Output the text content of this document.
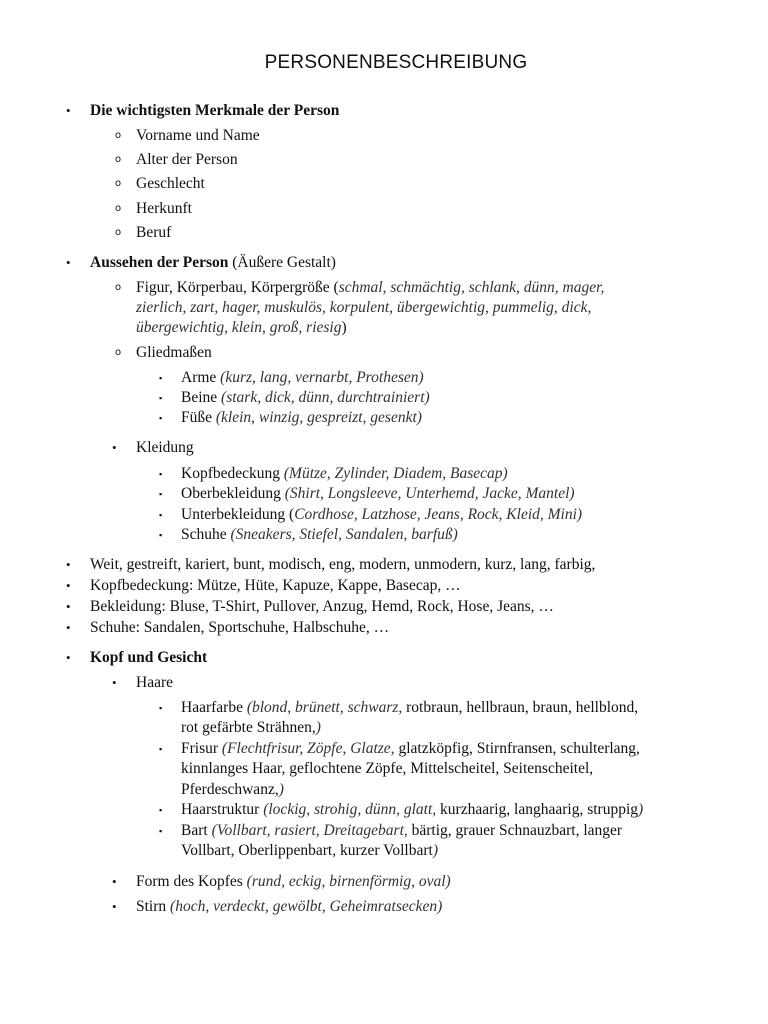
PERSONENBESCHREIBUNG
• Die wichtigsten Merkmale der Person
o Vorname und Name
o Alter der Person
o Geschlecht
o Herkunft
o Beruf
• Aussehen der Person (Äußere Gestalt)
o Figur, Körperbau, Körpergröße (schmal, schmächtig, schlank, dünn, mager,
zierlich, zart, hager, muskulös, korpulent, übergewichtig, pummelig, dick,
übergewichtig, klein, groß, riesig)
o Gliedmaßen
▪ Arme (kurz, lang, vernarbt, Prothesen)
▪ Beine (stark, dick, dünn, durchtrainiert)
▪ Füße (klein, winzig, gespreizt, gesenkt)
• Kleidung
▪ Kopfbedeckung (Mütze, Zylinder, Diadem, Basecap)
▪ Oberbekleidung (Shirt, Longsleeve, Unterhemd, Jacke, Mantel)
▪ Unterbekleidung (Cordhose, Latzhose, Jeans, Rock, Kleid, Mini)
▪ Schuhe (Sneakers, Stiefel, Sandalen, barfuß)
• Weit, gestreift, kariert, bunt, modisch, eng, modern, unmodern, kurz, lang, farbig,
• Kopfbedeckung: Mütze, Hüte, Kapuze, Kappe, Basecap, …
• Bekleidung: Bluse, T-Shirt, Pullover, Anzug, Hemd, Rock, Hose, Jeans, …
• Schuhe: Sandalen, Sportschuhe, Halbschuhe, …
• Kopf und Gesicht
• Haare
▪ Haarfarbe (blond, brünett, schwarz, rotbraun, hellbraun, braun, hellblond,
rot gefärbte Strähnen,)
▪ Frisur (Flechtfrisur, Zöpfe, Glatze, glatzköpfig, Stirnfransen, schulterlang,
kinnlanges Haar, geflochtene Zöpfe, Mittelscheitel, Seitenscheitel,
Pferdeschwanz,)
▪ Haarstruktur (lockig, strohig, dünn, glatt, kurzhaarig, langhaarig, struppig)
▪ Bart (Vollbart, rasiert, Dreitagebart, bärtig, grauer Schnauzbart, langer
Vollbart, Oberlippenbart, kurzer Vollbart)
• Form des Kopfes (rund, eckig, birnenförmig, oval)
• Stirn (hoch, verdeckt, gewölbt, Geheimratsecken)
